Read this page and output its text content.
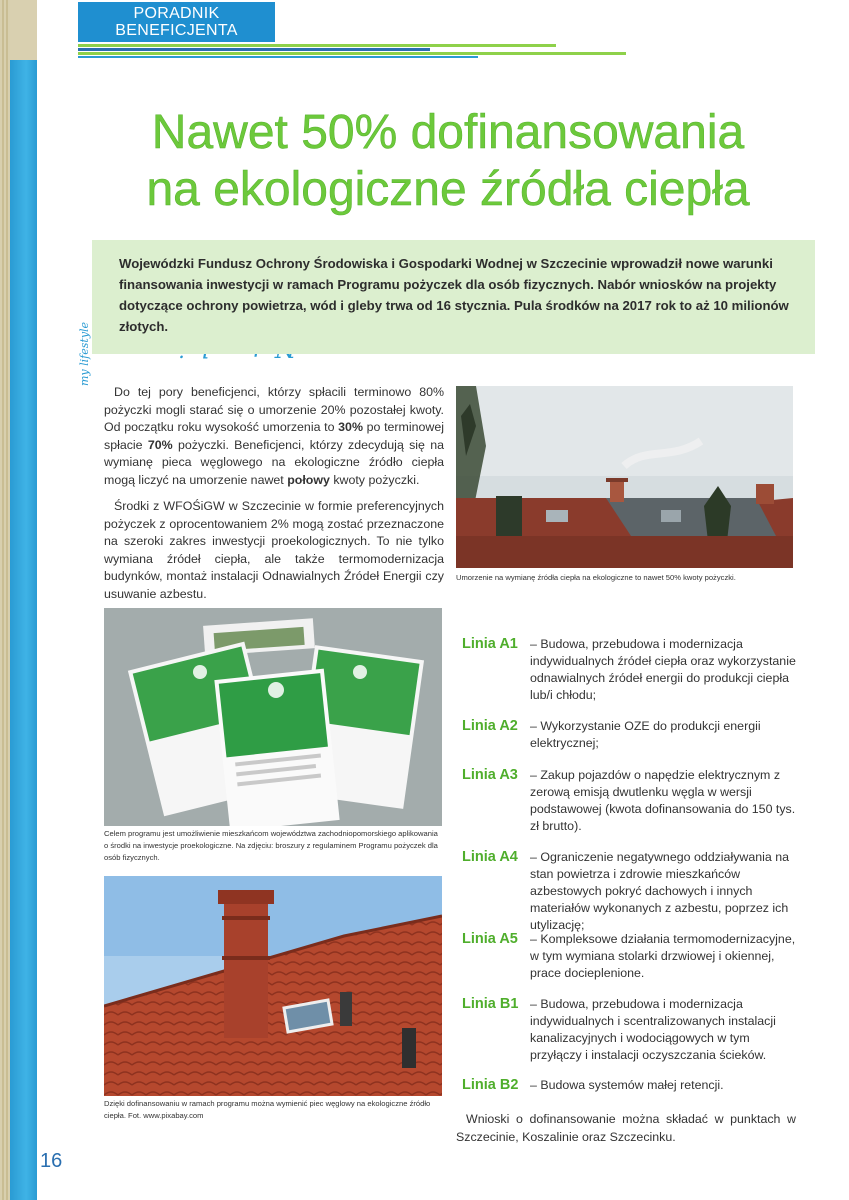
my lifestyle
16
PORADNIK
BENEFICJENTA
Nawet 50% dofinansowania
na ekologiczne źródła ciepła
Wojewódzki Fundusz Ochrony Środowiska i Gospodarki Wodnej w Szczecinie wprowadził nowe warunki finansowania inwestycji w ramach Programu pożyczek dla osób fizycznych. Nabór wniosków na projekty dotyczące ochrony powietrza, wód i gleby trwa od 16 stycznia. Pula środków na 2017 rok to aż 10 milionów złotych.

Do tej pory beneficjenci, którzy spłacili terminowo 80% pożyczki mogli starać się o umorzenie 20% pozostałej kwoty. Od początku roku wysokość umorzenia to 30% po terminowej spłacie 70% pożyczki. Beneficjenci, którzy zdecydują się na wymianę pieca węglowego na ekologiczne źródło ciepła mogą liczyć na umorzenie nawet połowy kwoty pożyczki.

Środki z WFOŚiGW w Szczecinie w formie preferencyjnych pożyczek z oprocentowaniem 2% mogą zostać przeznaczone na szeroki zakres inwestycji proekologicznych. To nie tylko wymiana źródeł ciepła, ale także termomodernizacja budynków, montaż instalacji Odnawialnych Źródeł Energii czy usuwanie azbestu.

Umorzenie na wymianę źródła ciepła na ekologiczne to nawet 50% kwoty pożyczki.
Celem programu jest umożliwienie mieszkańcom województwa zachodniopomorskiego aplikowania o środki na inwestycje proekologiczne. Na zdjęciu: broszury z regulaminem Programu pożyczek dla osób fizycznych.
Dzięki dofinansowaniu w ramach programu można wymienić piec węglowy na ekologiczne źródło ciepła. Fot. www.pixabay.com
Linia A1 – Budowa, przebudowa i modernizacja indywidualnych źródeł ciepła oraz wykorzystanie odnawialnych źródeł energii do produkcji ciepła lub/i chłodu;
Linia A2 – Wykorzystanie OZE do produkcji energii elektrycznej;
Linia A3 – Zakup pojazdów o napędzie elektrycznym z zerową emisją dwutlenku węgla w wersji podstawowej (kwota dofinansowania do 150 tys. zł brutto).
Linia A4 – Ograniczenie negatywnego oddziaływania na stan powietrza i zdrowie mieszkańców azbestowych pokryć dachowych i innych materiałów wykonanych z azbestu, poprzez ich utylizację;
Linia A5 – Kompleksowe działania termomodernizacyjne, w tym wymiana stolarki drzwiowej i okiennej, prace docieplenione.
Linia B1 – Budowa, przebudowa i modernizacja indywidualnych i scentralizowanych instalacji kanalizacyjnych i wodociągowych w tym przyłączy i instalacji oczyszczania ścieków.
Linia B2 – Budowa systemów małej retencji.

Wnioski o dofinansowanie można składać w punktach w Szczecinie, Koszalinie oraz Szczecinku.
